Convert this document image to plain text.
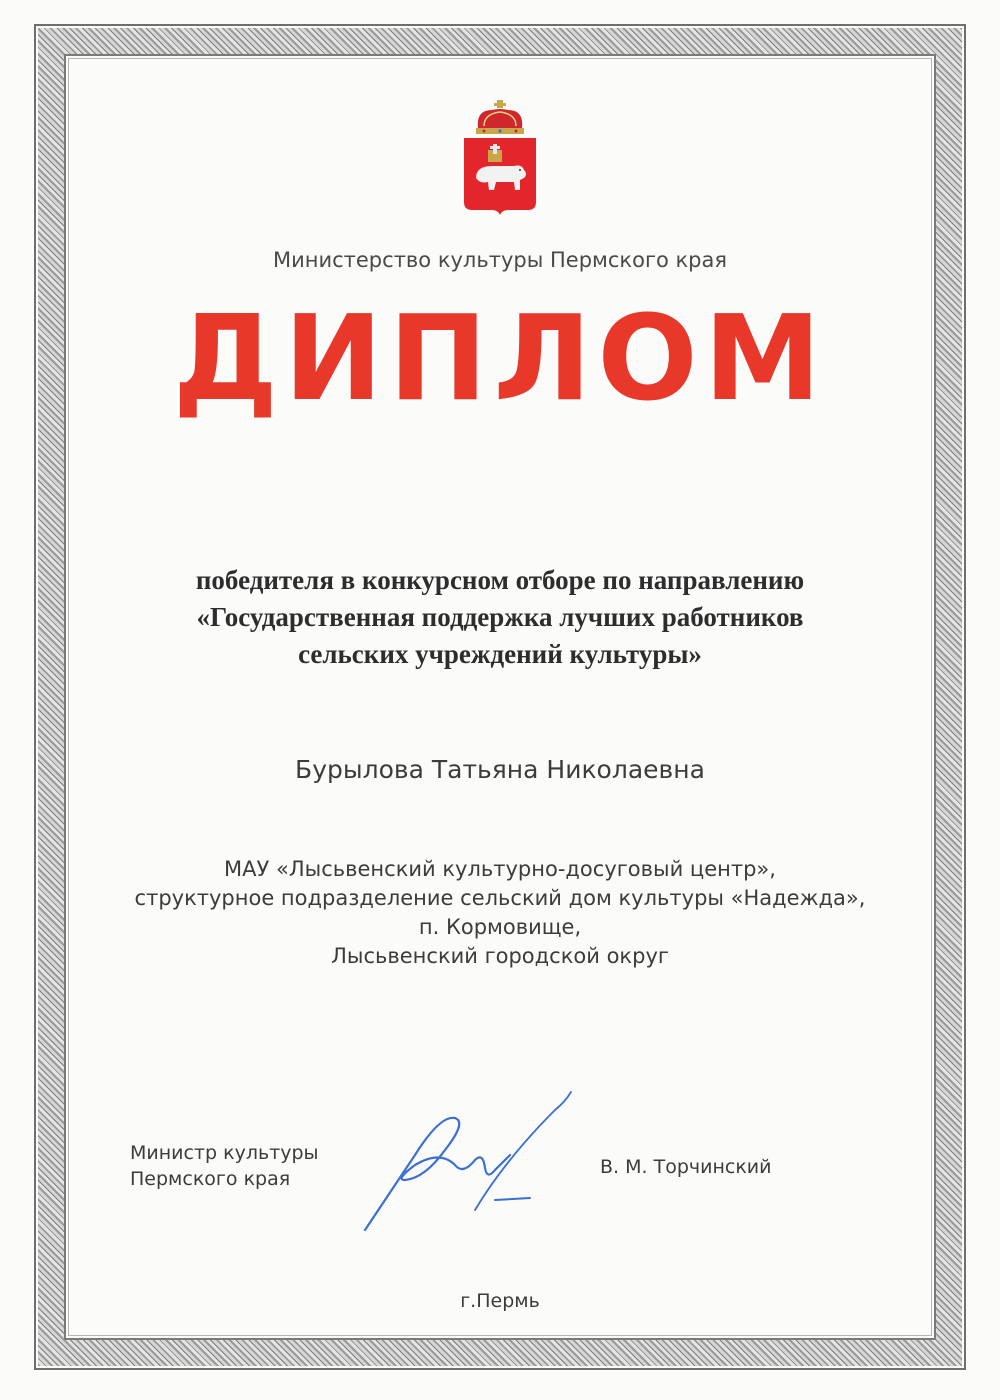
Министерство культуры Пермского края
ДИПЛОМ
победителя в конкурсном отборе по направлению
«Государственная поддержка лучших работников
сельских учреждений культуры»
Бурылова Татьяна Николаевна
МАУ «Лысьвенский культурно-досуговый центр»,
структурное подразделение сельский дом культуры «Надежда»,
п. Кормовище,
Лысьвенский городской округ
Министр культуры
Пермского края
В. М. Торчинский
г.Пермь
